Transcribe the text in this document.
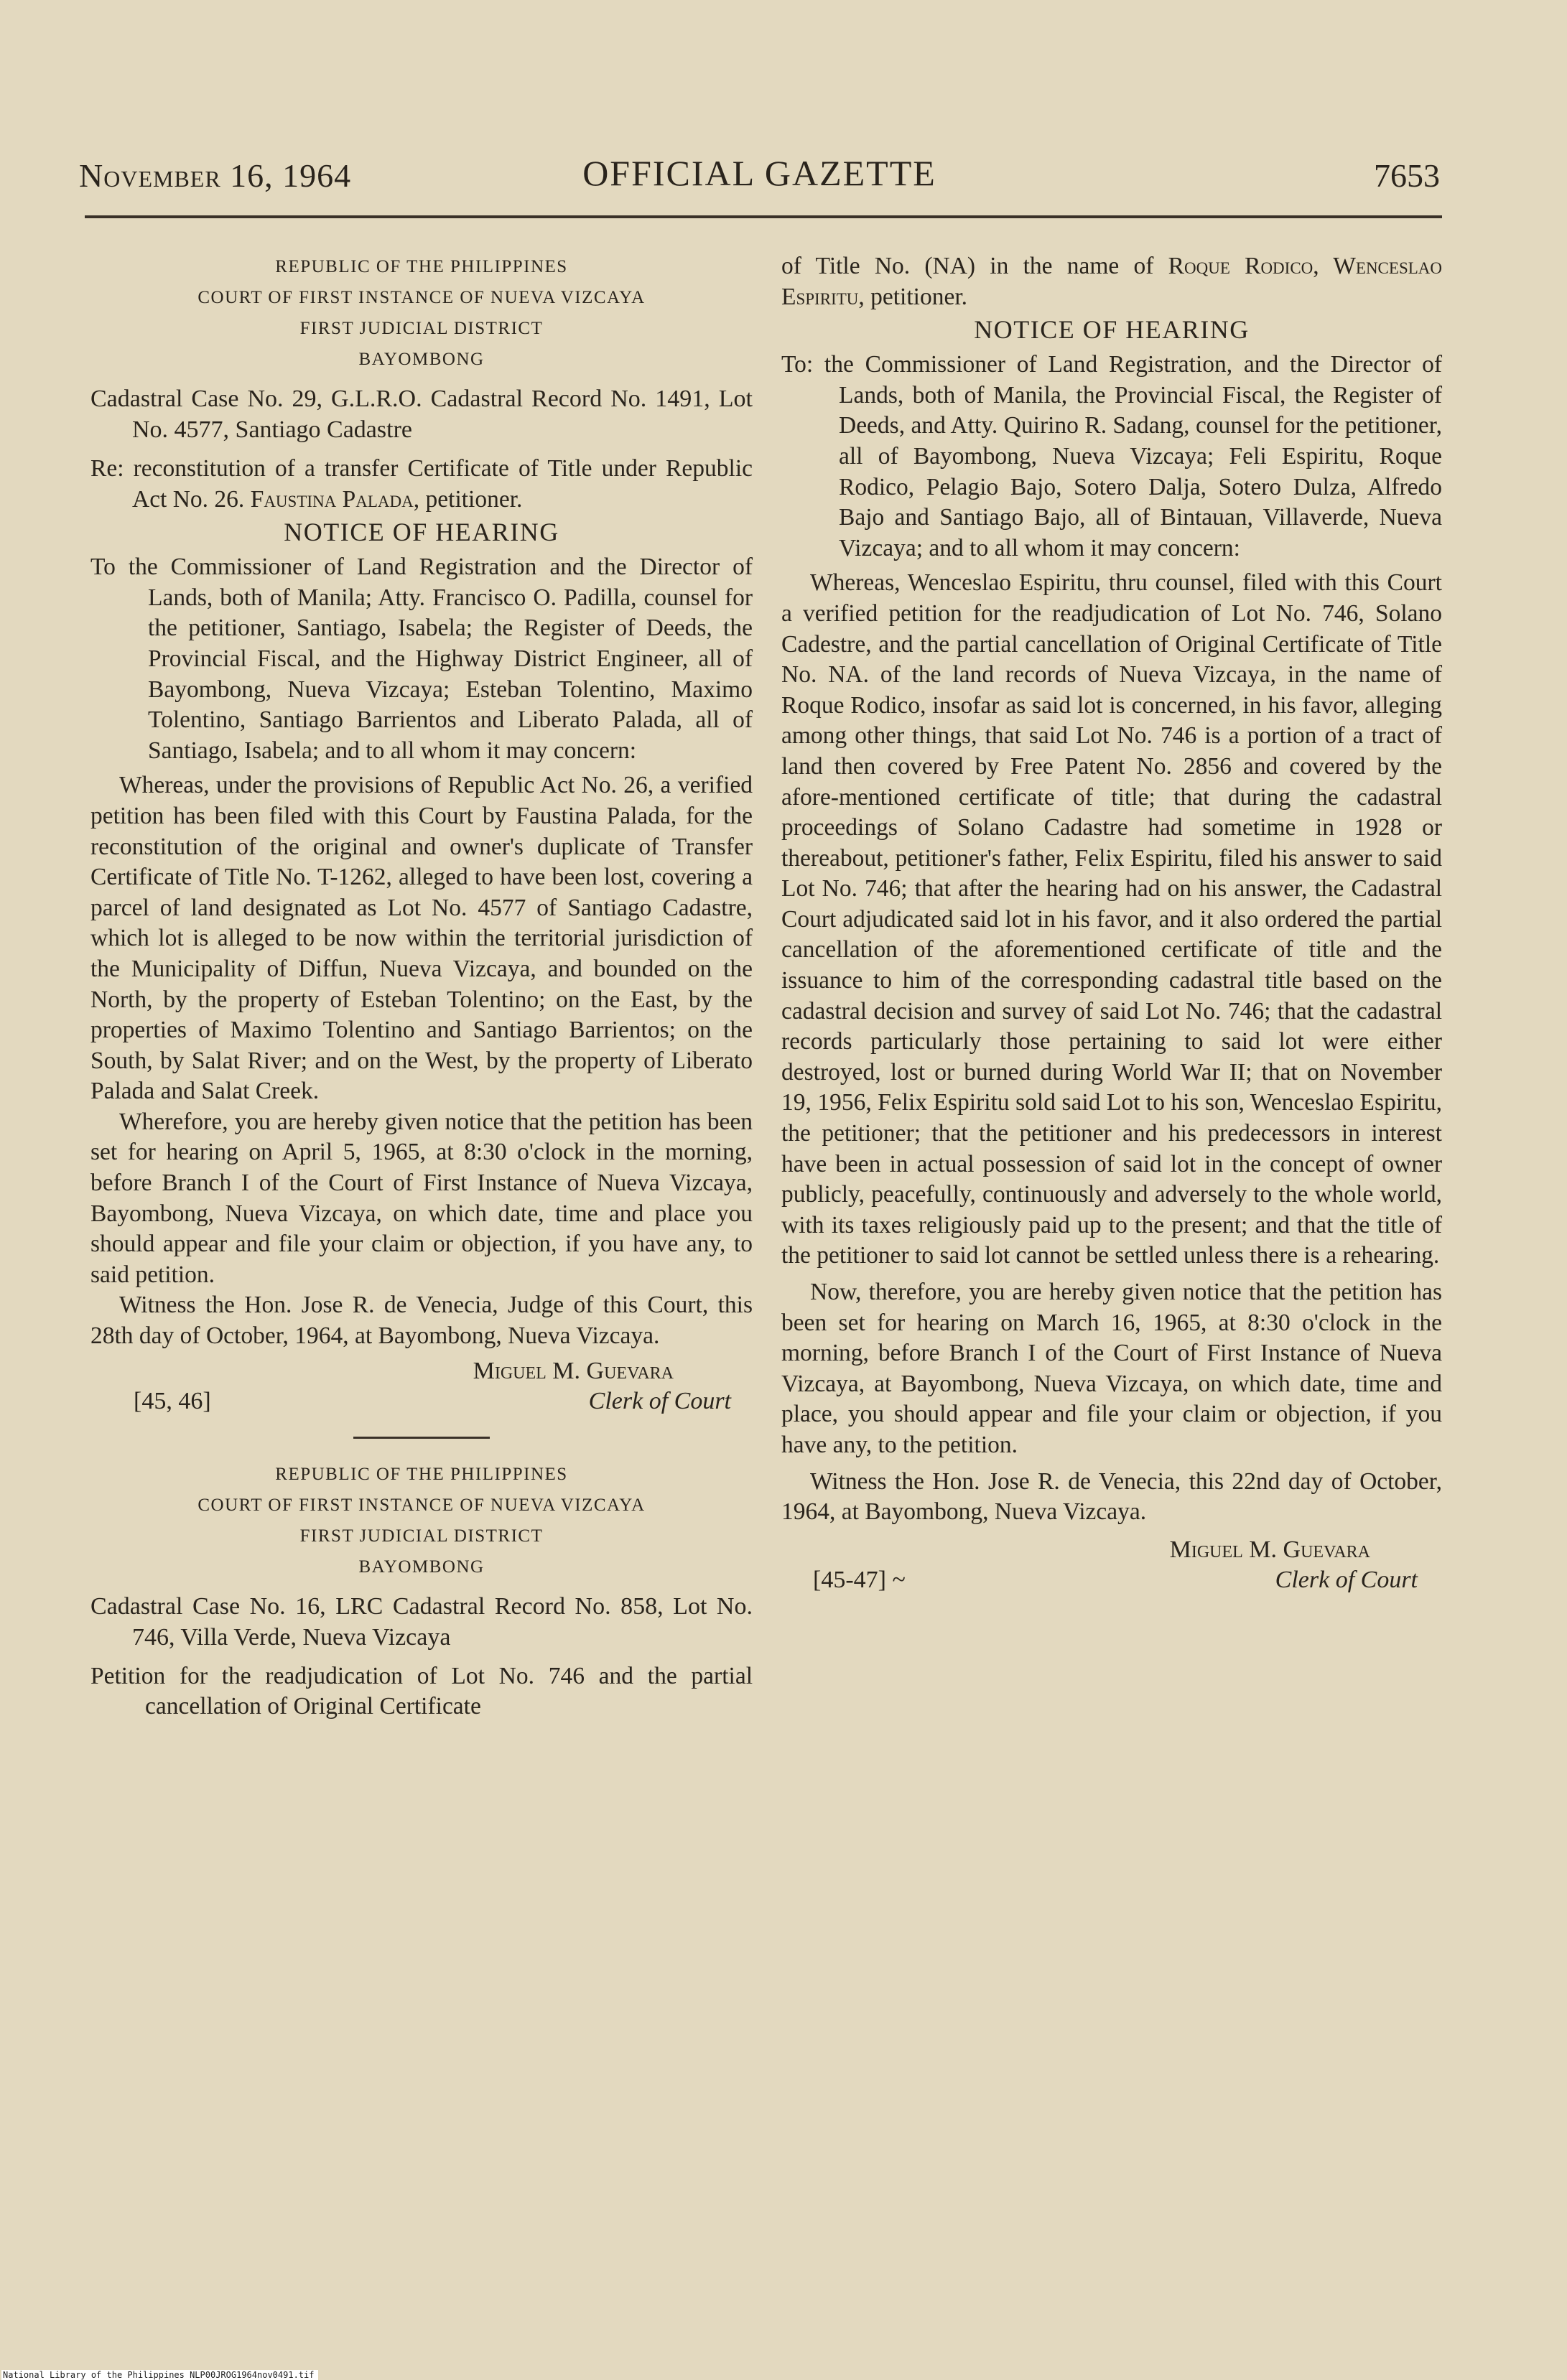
November 16, 1964	OFFICIAL GAZETTE	7653
REPUBLIC OF THE PHILIPPINES
COURT OF FIRST INSTANCE OF NUEVA VIZCAYA
FIRST JUDICIAL DISTRICT
BAYOMBONG
Cadastral Case No. 29, G.L.R.O. Cadastral Record No. 1491, Lot No. 4577, Santiago Cadastre
Re: reconstitution of a transfer Certificate of Title under Republic Act No. 26. Faustina Palada, petitioner.
NOTICE OF HEARING
To the Commissioner of Land Registration and the Director of Lands, both of Manila; Atty. Francisco O. Padilla, counsel for the petitioner, Santiago, Isabela; the Register of Deeds, the Provincial Fiscal, and the Highway District Engineer, all of Bayombong, Nueva Vizcaya; Esteban Tolentino, Maximo Tolentino, Santiago Barrientos and Liberato Palada, all of Santiago, Isabela; and to all whom it may concern:

Whereas, under the provisions of Republic Act No. 26, a verified petition has been filed with this Court by Faustina Palada, for the reconstitution of the original and owner's duplicate of Transfer Certificate of Title No. T-1262, alleged to have been lost, covering a parcel of land designated as Lot No. 4577 of Santiago Cadastre, which lot is alleged to be now within the territorial jurisdiction of the Municipality of Diffun, Nueva Vizcaya, and bounded on the North, by the property of Esteban Tolentino; on the East, by the properties of Maximo Tolentino and Santiago Barrientos; on the South, by Salat River; and on the West, by the property of Liberato Palada and Salat Creek.

Wherefore, you are hereby given notice that the petition has been set for hearing on April 5, 1965, at 8:30 o'clock in the morning, before Branch I of the Court of First Instance of Nueva Vizcaya, Bayombong, Nueva Vizcaya, on which date, time and place you should appear and file your claim or objection, if you have any, to said petition.

Witness the Hon. Jose R. de Venecia, Judge of this Court, this 28th day of October, 1964, at Bayombong, Nueva Vizcaya.

Miguel M. Guevara
[45, 46]	Clerk of Court
REPUBLIC OF THE PHILIPPINES
COURT OF FIRST INSTANCE OF NUEVA VIZCAYA
FIRST JUDICIAL DISTRICT
BAYOMBONG
Cadastral Case No. 16, LRC Cadastral Record No. 858, Lot No. 746, Villa Verde, Nueva Vizcaya
Petition for the readjudication of Lot No. 746 and the partial cancellation of Original Certificate
of Title No. (NA) in the name of Roque Rodico, Wenceslao Espiritu, petitioner.
NOTICE OF HEARING
To: the Commissioner of Land Registration, and the Director of Lands, both of Manila, the Provincial Fiscal, the Register of Deeds, and Atty. Quirino R. Sadang, counsel for the petitioner, all of Bayombong, Nueva Vizcaya; Feli Espiritu, Roque Rodico, Pelagio Bajo, Sotero Dalja, Sotero Dulza, Alfredo Bajo and Santiago Bajo, all of Bintauan, Villaverde, Nueva Vizcaya; and to all whom it may concern:

Whereas, Wenceslao Espiritu, thru counsel, filed with this Court a verified petition for the readjudication of Lot No. 746, Solano Cadestre, and the partial cancellation of Original Certificate of Title No. NA. of the land records of Nueva Vizcaya, in the name of Roque Rodico, insofar as said lot is concerned, in his favor, alleging among other things, that said Lot No. 746 is a portion of a tract of land then covered by Free Patent No. 2856 and covered by the afore-mentioned certificate of title; that during the cadastral proceedings of Solano Cadastre had sometime in 1928 or thereabout, petitioner's father, Felix Espiritu, filed his answer to said Lot No. 746; that after the hearing had on his answer, the Cadastral Court adjudicated said lot in his favor, and it also ordered the partial cancellation of the aforementioned certificate of title and the issuance to him of the corresponding cadastral title based on the cadastral decision and survey of said Lot No. 746; that the cadastral records particularly those pertaining to said lot were either destroyed, lost or burned during World War II; that on November 19, 1956, Felix Espiritu sold said Lot to his son, Wenceslao Espiritu, the petitioner; that the petitioner and his predecessors in interest have been in actual possession of said lot in the concept of owner publicly, peacefully, continuously and adversely to the whole world, with its taxes religiously paid up to the present; and that the title of the petitioner to said lot cannot be settled unless there is a rehearing.

Now, therefore, you are hereby given notice that the petition has been set for hearing on March 16, 1965, at 8:30 o'clock in the morning, before Branch I of the Court of First Instance of Nueva Vizcaya, at Bayombong, Nueva Vizcaya, on which date, time and place, you should appear and file your claim or objection, if you have any, to the petition.

Witness the Hon. Jose R. de Venecia, this 22nd day of October, 1964, at Bayombong, Nueva Vizcaya.

Miguel M. Guevara
[45-47] ~	Clerk of Court
National Library of the Philippines NLP00JROG1964nov0491.tif
